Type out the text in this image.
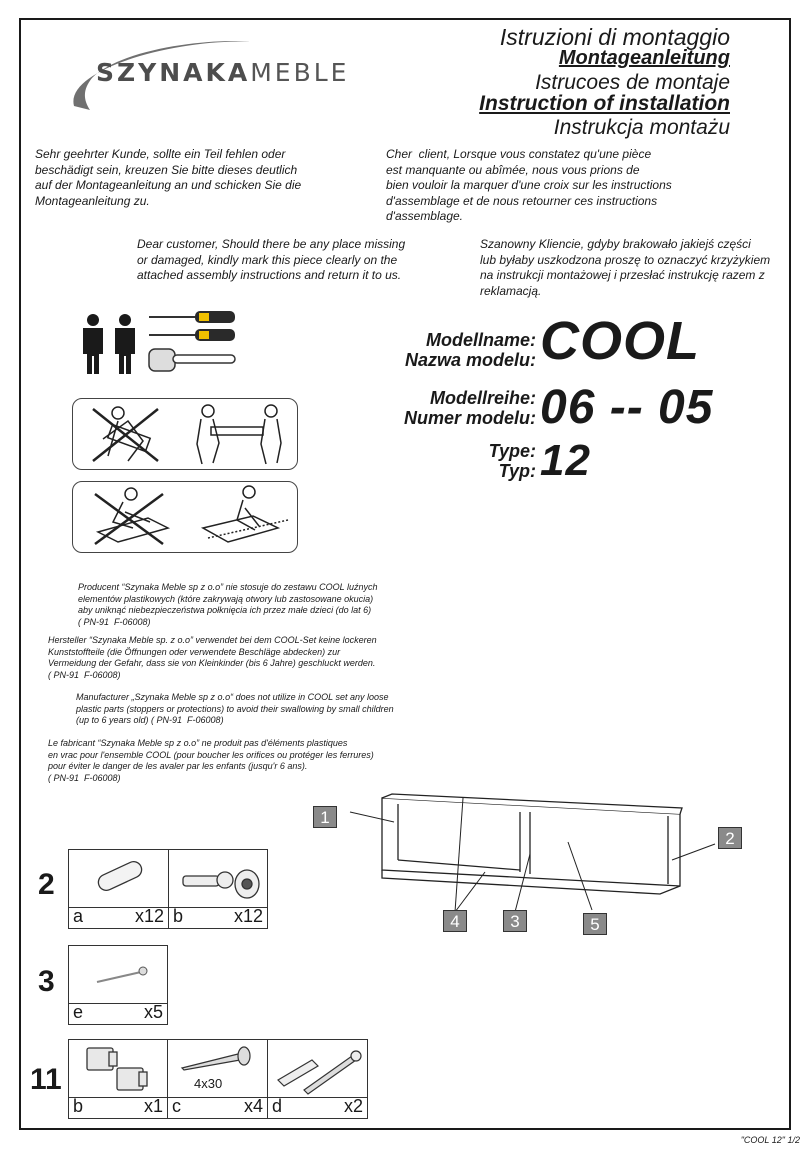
SZYNAKAMEBLE
Istruzioni di montaggio
Montageanleitung
Istrucoes de montaje
Instruction of installation
Instrukcja montażu
Sehr geehrter Kunde, sollte ein Teil fehlen oder
beschädigt sein, kreuzen Sie bitte dieses deutlich
auf der Montageanleitung an und schicken Sie die
Montageanleitung zu.
Cher  client, Lorsque vous constatez qu'une pièce
est manquante ou abîmée, nous vous prions de
bien vouloir la marquer d'une croix sur les instructions
d'assemblage et de nous retourner ces instructions
d'assemblage.
Dear customer, Should there be any place missing
or damaged, kindly mark this piece clearly on the
attached assembly instructions and return it to us.
Szanowny Kliencie, gdyby brakowało jakiejś części
lub byłaby uszkodzona proszę to oznaczyć krzyżykiem
na instrukcji montażowej i przesłać instrukcję razem z
reklamacją.
Modellname:
Nazwa modelu: COOL
Modellreihe:
Numer modelu: 06 -- 05
Type:
Typ: 12
Producent “Szynaka Meble sp z o.o” nie stosuje do zestawu COOL luźnych
elementów plastikowych (które zakrywają otwory lub zastosowane okucia)
aby uniknąć niebezpieczeństwa połknięcia ich przez małe dzieci (do lat 6)
( PN-91  F-06008)
Hersteller “Szynaka Meble sp. z o.o” verwendet bei dem COOL-Set keine lockeren
Kunststoffteile (die Öffnungen oder verwendete Beschläge abdecken) zur
Vermeidung der Gefahr, dass sie von Kleinkinder (bis 6 Jahre) geschluckt werden.
( PN-91  F-06008)
Manufacturer „Szynaka Meble sp z o.o“ does not utilize in COOL set any loose
plastic parts (stoppers or protections) to avoid their swallowing by small children
(up to 6 years old) ( PN-91  F-06008)
Le fabricant “Szynaka Meble sp z o.o” ne produit pas d'éléments plastiques
en vrac pour l'ensemble COOL (pour boucher les orifices ou protéger les ferrures)
pour éviter le danger de les avaler par les enfants (jusqu'r 6 ans).
( PN-91  F-06008)
1
2
3
4	5
2
a	x12 b	x12
3
e	x5
11
b	x1
4x30
c	x4 d	x2
"COOL 12" 1/2
